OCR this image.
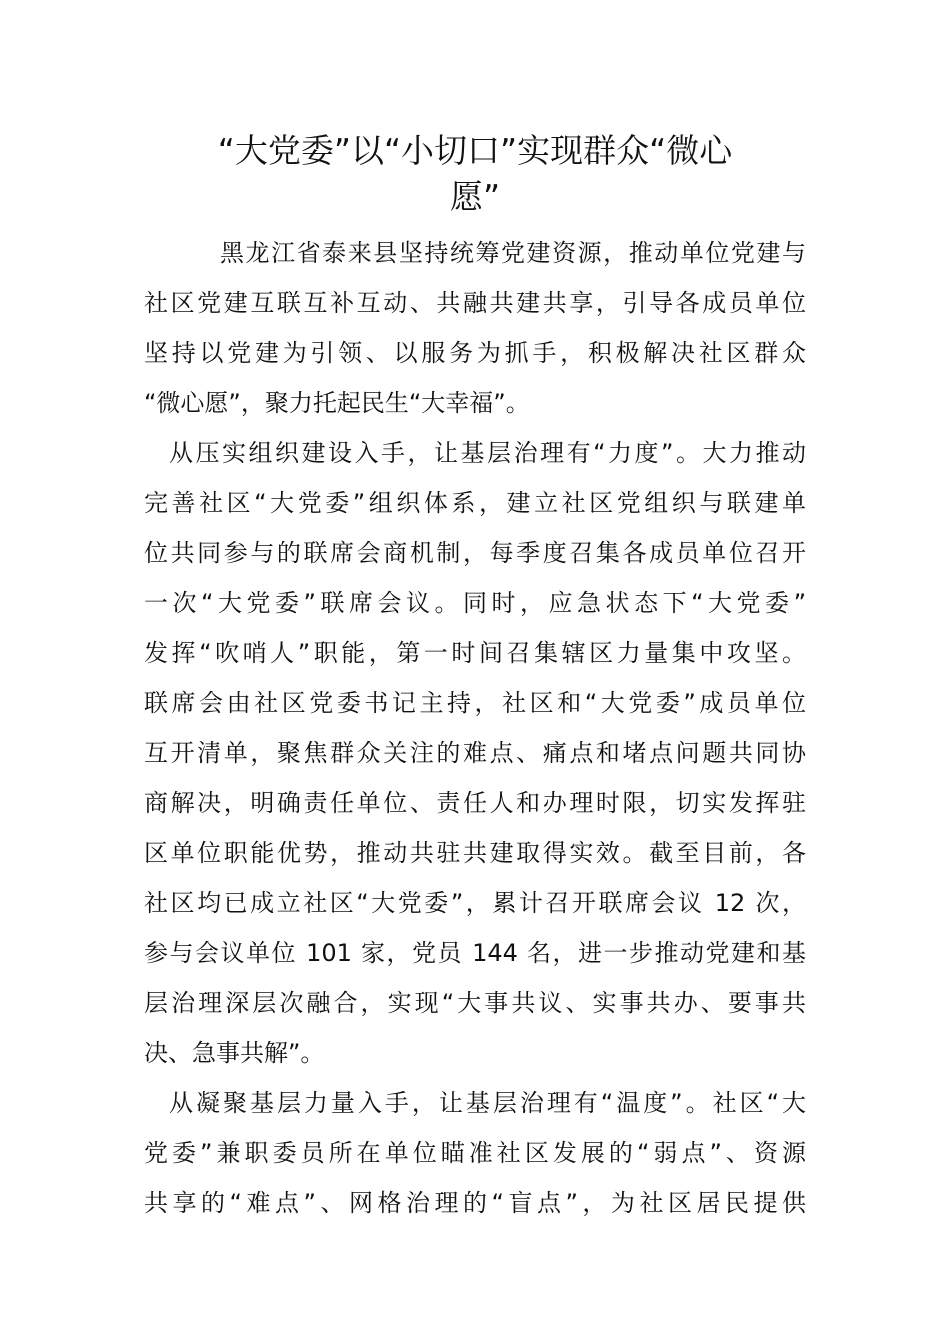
“大党委”以“小切口”实现群众“微心
愿”

黑龙江省泰来县坚持统筹党建资源，推动单位党建与
社区党建互联互补互动、共融共建共享，引导各成员单位
坚持以党建为引领、以服务为抓手，积极解决社区群众
“微心愿”，聚力托起民生“大幸福”。

从压实组织建设入手，让基层治理有“力度”。大力推动
完善社区“大党委”组织体系，建立社区党组织与联建单
位共同参与的联席会商机制，每季度召集各成员单位召开
一次“大党委”联席会议。同时，应急状态下“大党委”
发挥“吹哨人”职能，第一时间召集辖区力量集中攻坚。
联席会由社区党委书记主持，社区和“大党委”成员单位
互开清单，聚焦群众关注的难点、痛点和堵点问题共同协
商解决，明确责任单位、责任人和办理时限，切实发挥驻
区单位职能优势，推动共驻共建取得实效。截至目前，各
社区均已成立社区“大党委”，累计召开联席会议 12 次，
参与会议单位 101 家，党员 144 名，进一步推动党建和基
层治理深层次融合，实现“大事共议、实事共办、要事共
决、急事共解”。

从凝聚基层力量入手，让基层治理有“温度”。社区“大
党委”兼职委员所在单位瞄准社区发展的“弱点”、资源
共享的“难点”、网格治理的“盲点”，为社区居民提供
